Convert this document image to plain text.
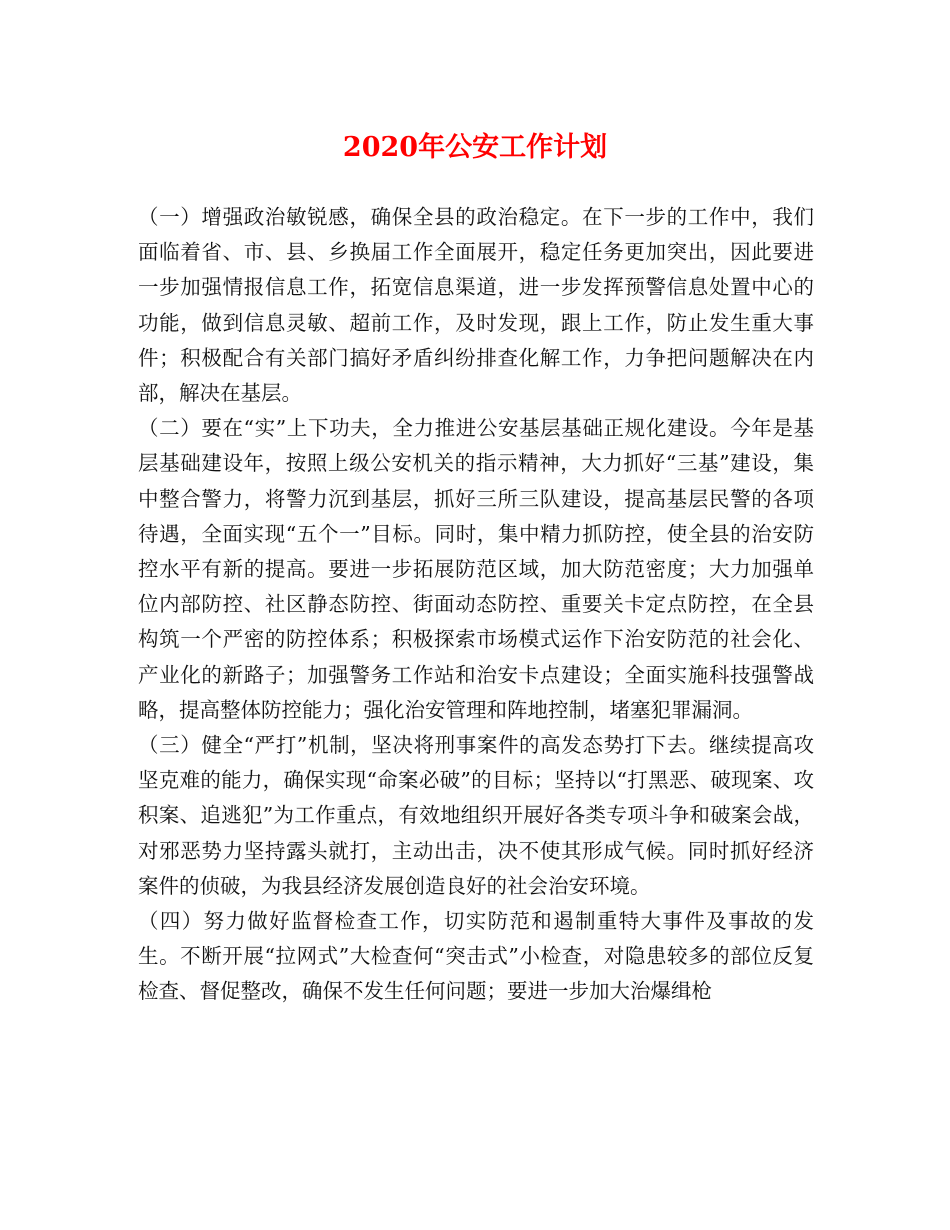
2020年公安工作计划

（一）增强政治敏锐感，确保全县的政治稳定。在下一步的工作中，我们面临着省、市、县、乡换届工作全面展开，稳定任务更加突出，因此要进一步加强情报信息工作，拓宽信息渠道，进一步发挥预警信息处置中心的功能，做到信息灵敏、超前工作，及时发现，跟上工作，防止发生重大事件；积极配合有关部门搞好矛盾纠纷排查化解工作，力争把问题解决在内部，解决在基层。

（二）要在“实”上下功夫，全力推进公安基层基础正规化建设。今年是基层基础建设年，按照上级公安机关的指示精神，大力抓好“三基”建设，集中整合警力，将警力沉到基层，抓好三所三队建设，提高基层民警的各项待遇，全面实现“五个一”目标。同时，集中精力抓防控，使全县的治安防控水平有新的提高。要进一步拓展防范区域，加大防范密度；大力加强单位内部防控、社区静态防控、街面动态防控、重要关卡定点防控，在全县构筑一个严密的防控体系；积极探索市场模式运作下治安防范的社会化、产业化的新路子；加强警务工作站和治安卡点建设；全面实施科技强警战略，提高整体防控能力；强化治安管理和阵地控制，堵塞犯罪漏洞。

（三）健全“严打”机制，坚决将刑事案件的高发态势打下去。继续提高攻坚克难的能力，确保实现“命案必破”的目标；坚持以“打黑恶、破现案、攻积案、追逃犯”为工作重点，有效地组织开展好各类专项斗争和破案会战，对邪恶势力坚持露头就打，主动出击，决不使其形成气候。同时抓好经济案件的侦破，为我县经济发展创造良好的社会治安环境。

（四）努力做好监督检查工作，切实防范和遏制重特大事件及事故的发生。不断开展“拉网式”大检查何“突击式”小检查，对隐患较多的部位反复检查、督促整改，确保不发生任何问题；要进一步加大治爆缉枪
